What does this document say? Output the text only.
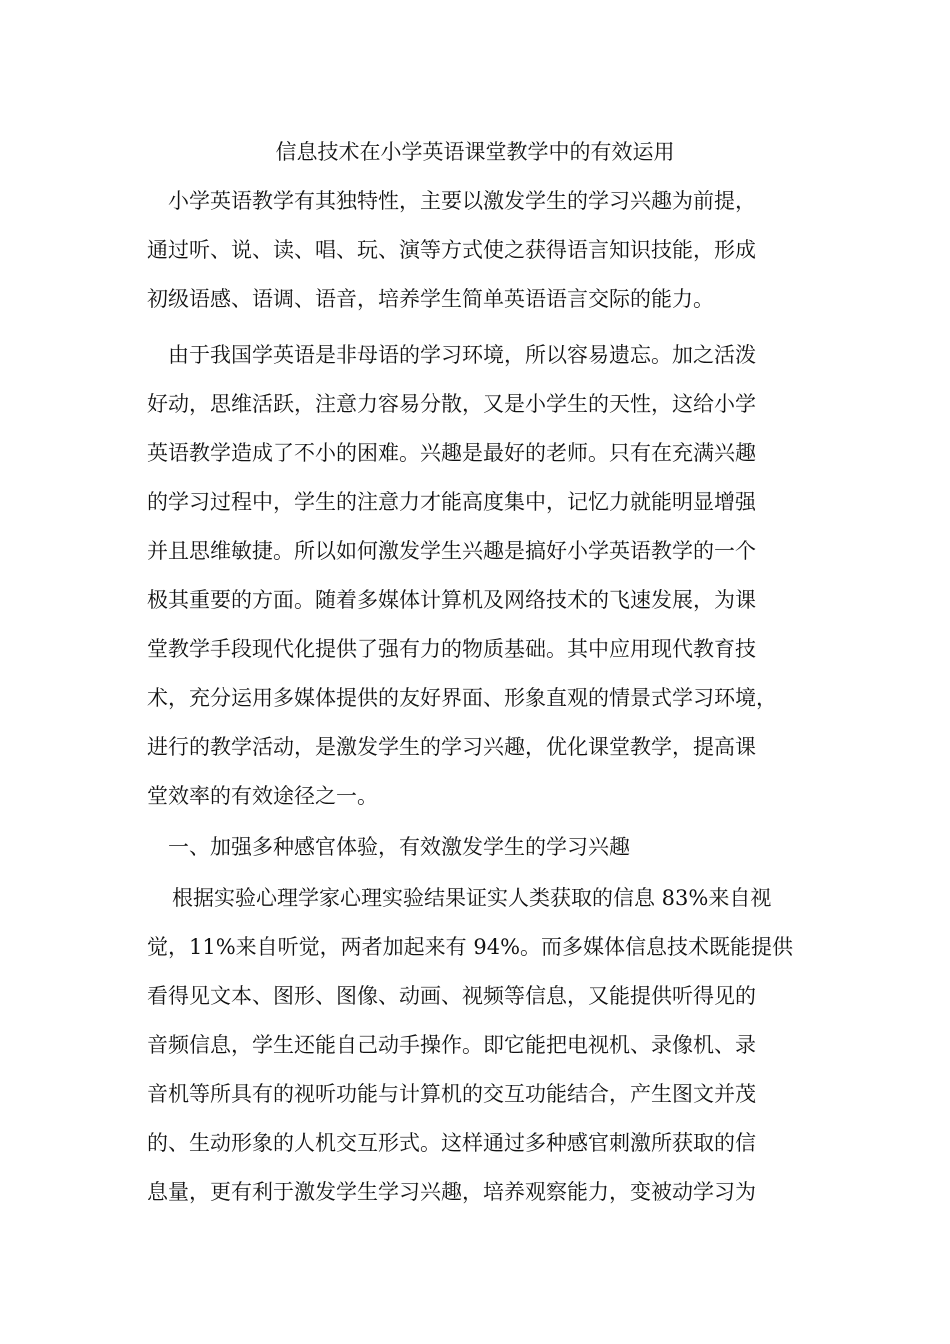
信息技术在小学英语课堂教学中的有效运用
小学英语教学有其独特性，主要以激发学生的学习兴趣为前提，
通过听、说、读、唱、玩、演等方式使之获得语言知识技能，形成
初级语感、语调、语音，培养学生简单英语语言交际的能力。
由于我国学英语是非母语的学习环境，所以容易遗忘。加之活泼
好动，思维活跃，注意力容易分散，又是小学生的天性，这给小学
英语教学造成了不小的困难。兴趣是最好的老师。只有在充满兴趣
的学习过程中，学生的注意力才能高度集中，记忆力就能明显增强
并且思维敏捷。所以如何激发学生兴趣是搞好小学英语教学的一个
极其重要的方面。随着多媒体计算机及网络技术的飞速发展，为课
堂教学手段现代化提供了强有力的物质基础。其中应用现代教育技
术，充分运用多媒体提供的友好界面、形象直观的情景式学习环境，
进行的教学活动，是激发学生的学习兴趣，优化课堂教学，提高课
堂效率的有效途径之一。
一、加强多种感官体验，有效激发学生的学习兴趣
根据实验心理学家心理实验结果证实人类获取的信息 83%来自视
觉，11%来自听觉，两者加起来有 94%。而多媒体信息技术既能提供
看得见文本、图形、图像、动画、视频等信息，又能提供听得见的
音频信息，学生还能自己动手操作。即它能把电视机、录像机、录
音机等所具有的视听功能与计算机的交互功能结合，产生图文并茂
的、生动形象的人机交互形式。这样通过多种感官刺激所获取的信
息量，更有利于激发学生学习兴趣，培养观察能力，变被动学习为
